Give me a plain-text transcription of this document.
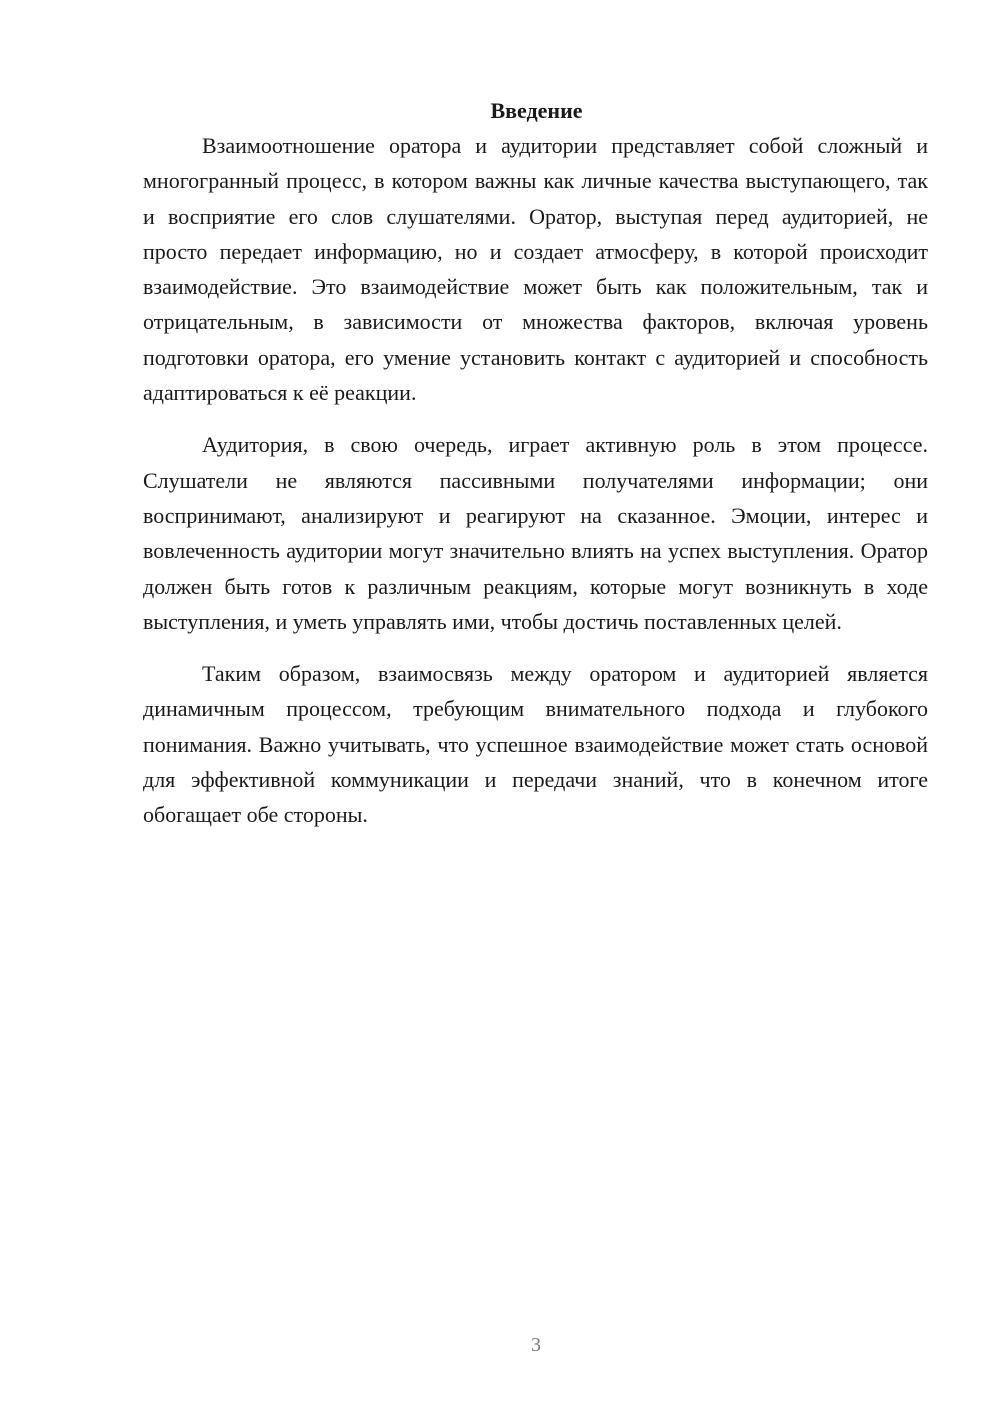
Введение

Взаимоотношение оратора и аудитории представляет собой сложный и многогранный процесс, в котором важны как личные качества выступающего, так и восприятие его слов слушателями. Оратор, выступая перед аудиторией, не просто передает информацию, но и создает атмосферу, в которой происходит взаимодействие. Это взаимодействие может быть как положительным, так и отрицательным, в зависимости от множества факторов, включая уровень подготовки оратора, его умение установить контакт с аудиторией и способность адаптироваться к её реакции.

Аудитория, в свою очередь, играет активную роль в этом процессе. Слушатели не являются пассивными получателями информации; они воспринимают, анализируют и реагируют на сказанное. Эмоции, интерес и вовлеченность аудитории могут значительно влиять на успех выступления. Оратор должен быть готов к различным реакциям, которые могут возникнуть в ходе выступления, и уметь управлять ими, чтобы достичь поставленных целей.

Таким образом, взаимосвязь между оратором и аудиторией является динамичным процессом, требующим внимательного подхода и глубокого понимания. Важно учитывать, что успешное взаимодействие может стать основой для эффективной коммуникации и передачи знаний, что в конечном итоге обогащает обе стороны.

3
